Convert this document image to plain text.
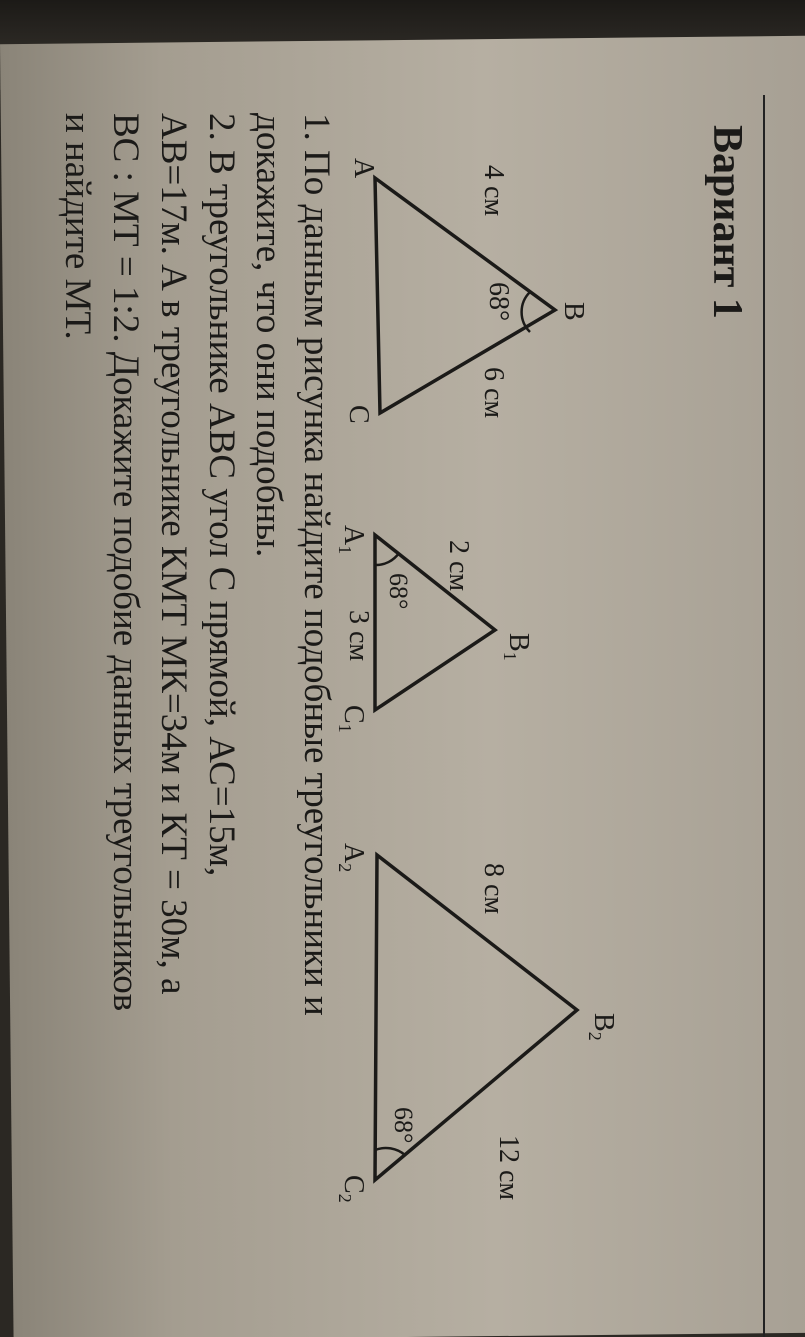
Вариант 1
A
B
C
4 см
6 см
68°
$A_1$
$B_1$
$C_1$
2 см
3 см
68°
$A_2$
$B_2$
$C_2$
8 см
12 см
68°
1. По данным рисунка найдите подобные треугольники и
докажите, что они подобны.
2. В треугольнике АВС угол С прямой, АС=15м,
АВ=17м. А в треугольнике КМТ МК=34м и КТ = 30м, а
ВС : МТ = 1:2. Докажите подобие данных треугольников
и найдите МТ.
